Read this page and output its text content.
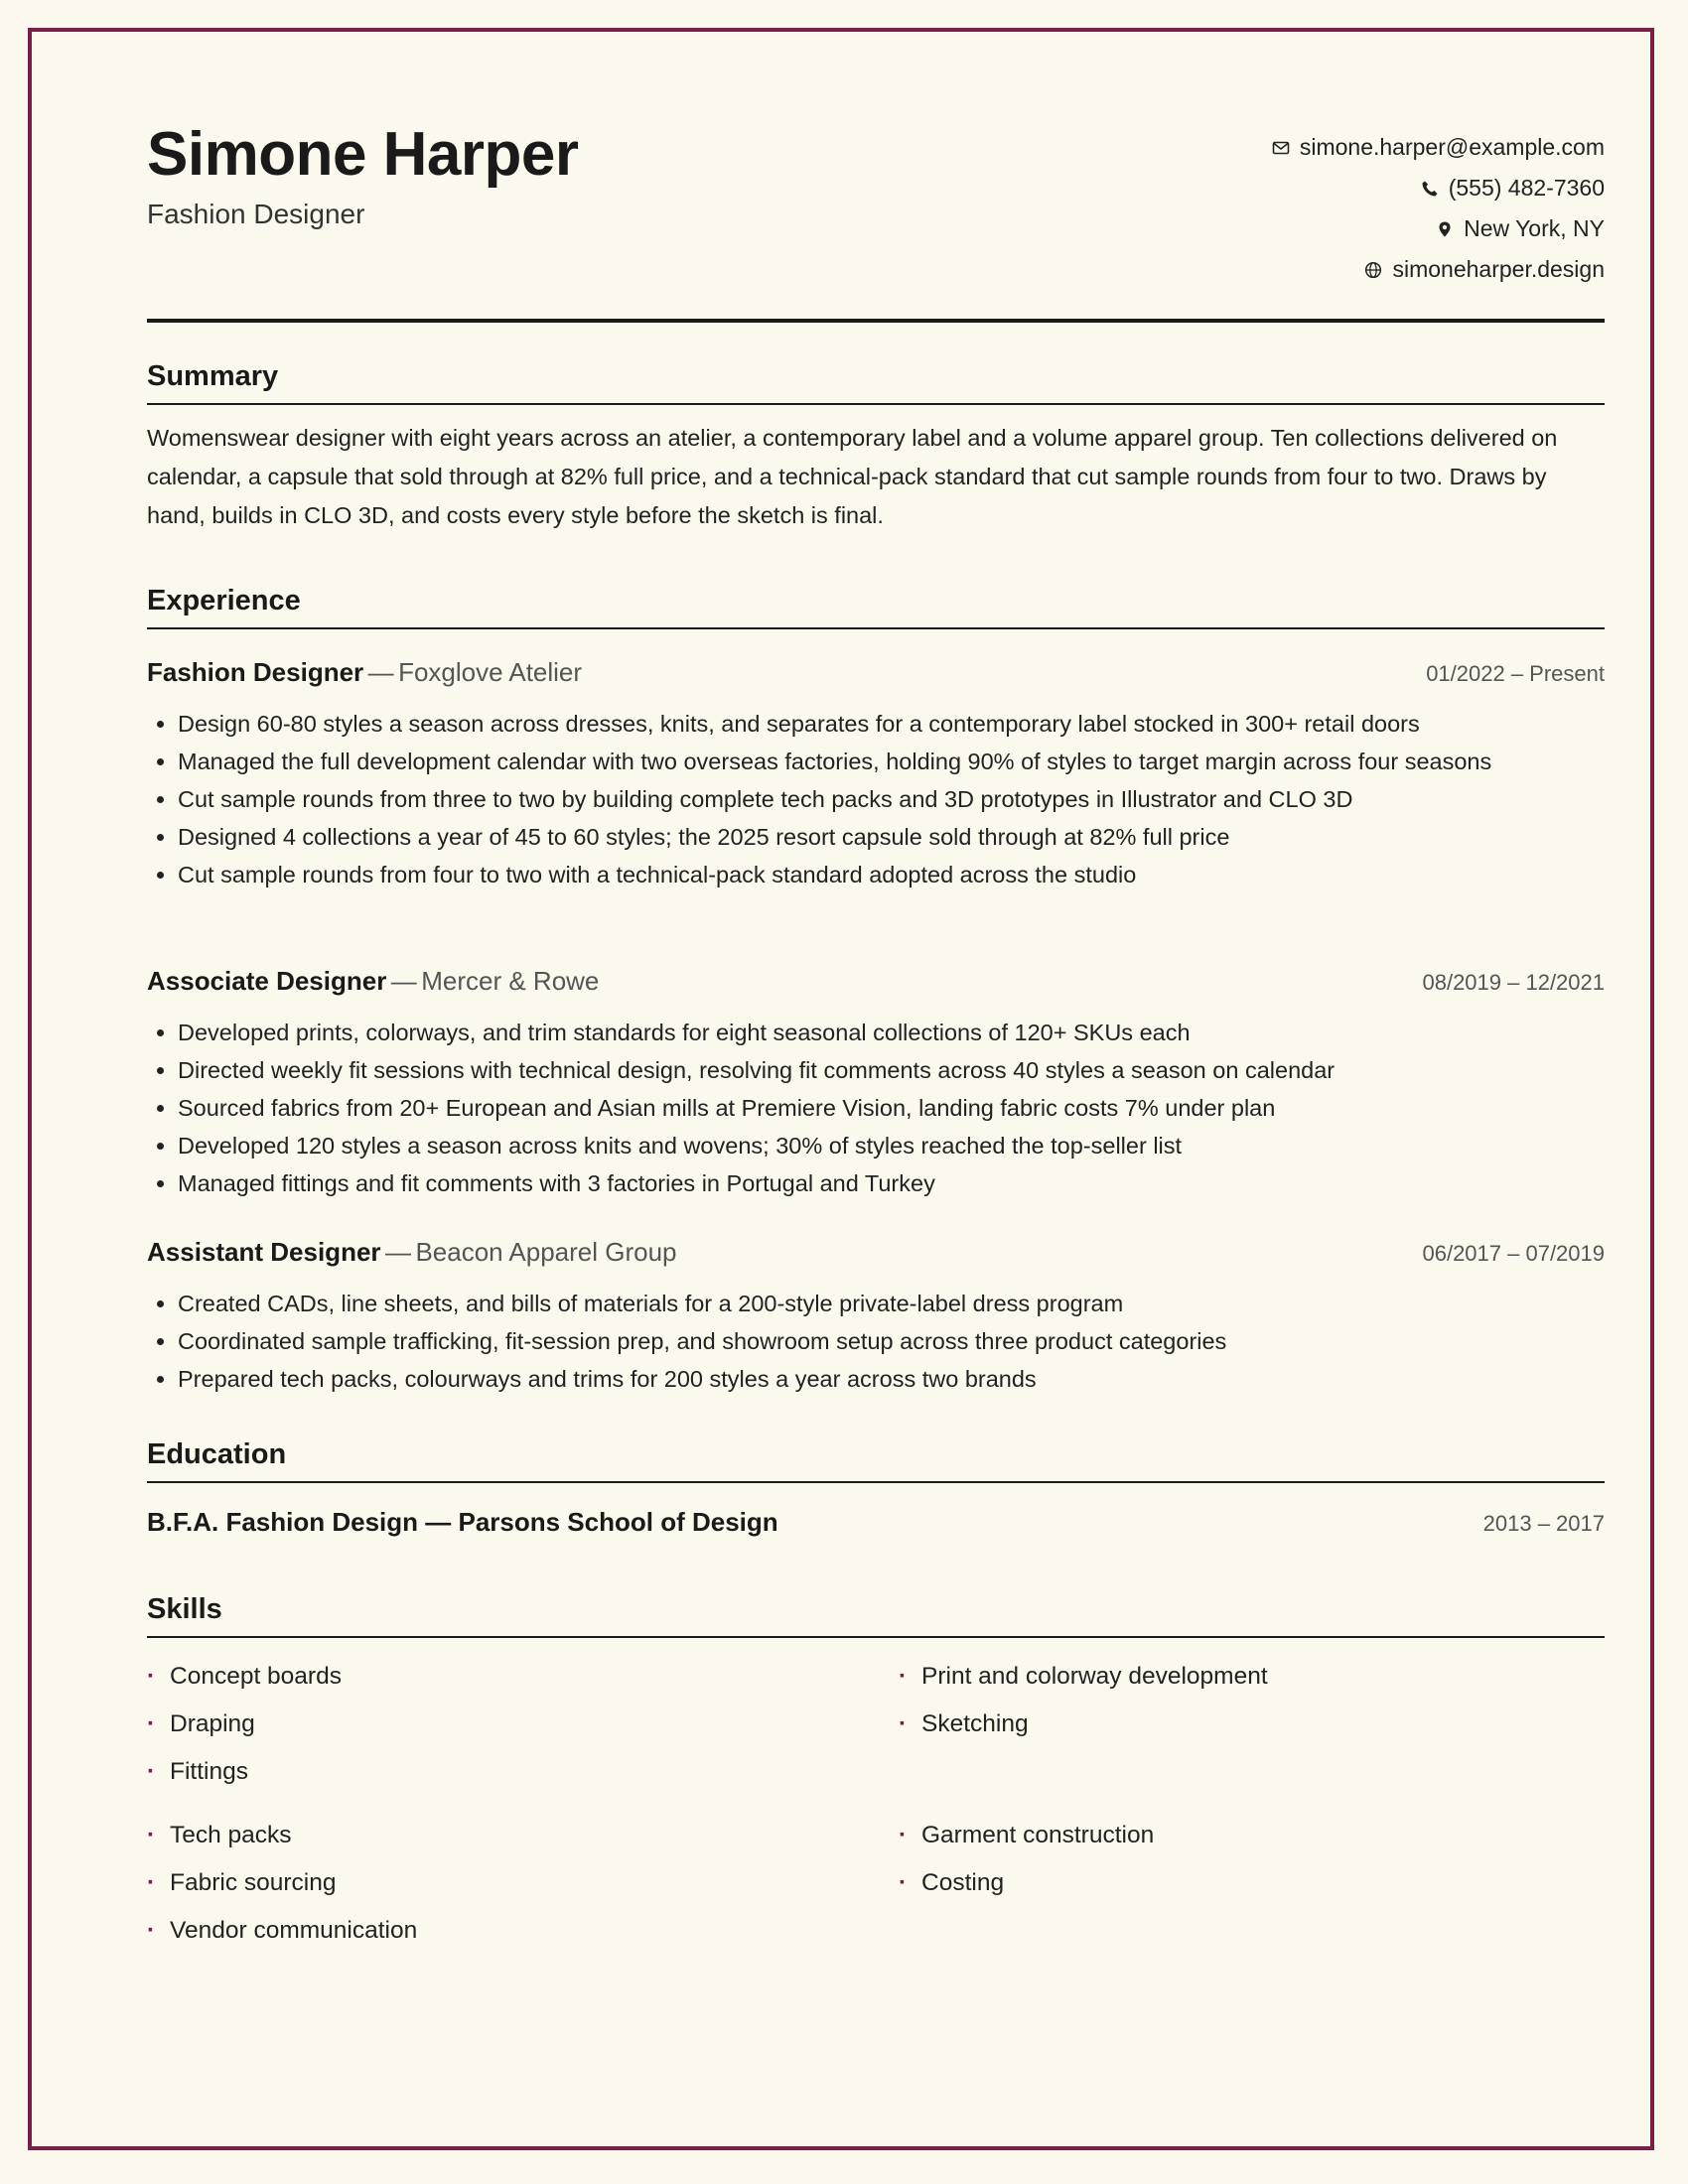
Simone Harper
Fashion Designer
simone.harper@example.com
(555) 482-7360
New York, NY
simoneharper.design
Summary

Womenswear designer with eight years across an atelier, a contemporary label and a volume apparel group. Ten collections delivered on calendar, a capsule that sold through at 82% full price, and a technical-pack standard that cut sample rounds from four to two. Draws by hand, builds in CLO 3D, and costs every style before the sketch is final.

Experience
Fashion Designer — Foxglove Atelier	01/2022 – Present
• Design 60-80 styles a season across dresses, knits, and separates for a contemporary label stocked in 300+ retail doors
• Managed the full development calendar with two overseas factories, holding 90% of styles to target margin across four seasons
• Cut sample rounds from three to two by building complete tech packs and 3D prototypes in Illustrator and CLO 3D
• Designed 4 collections a year of 45 to 60 styles; the 2025 resort capsule sold through at 82% full price
• Cut sample rounds from four to two with a technical-pack standard adopted across the studio
Associate Designer — Mercer & Rowe	08/2019 – 12/2021
• Developed prints, colorways, and trim standards for eight seasonal collections of 120+ SKUs each
• Directed weekly fit sessions with technical design, resolving fit comments across 40 styles a season on calendar
• Sourced fabrics from 20+ European and Asian mills at Premiere Vision, landing fabric costs 7% under plan
• Developed 120 styles a season across knits and wovens; 30% of styles reached the top-seller list
• Managed fittings and fit comments with 3 factories in Portugal and Turkey
Assistant Designer — Beacon Apparel Group	06/2017 – 07/2019
• Created CADs, line sheets, and bills of materials for a 200-style private-label dress program
• Coordinated sample trafficking, fit-session prep, and showroom setup across three product categories
• Prepared tech packs, colourways and trims for 200 styles a year across two brands
Education
B.F.A. Fashion Design — Parsons School of Design	2013 – 2017
Skills
· Concept boards	· Print and colorway development
· Draping	· Sketching
· Fittings
· Tech packs	· Garment construction
· Fabric sourcing	· Costing
· Vendor communication
